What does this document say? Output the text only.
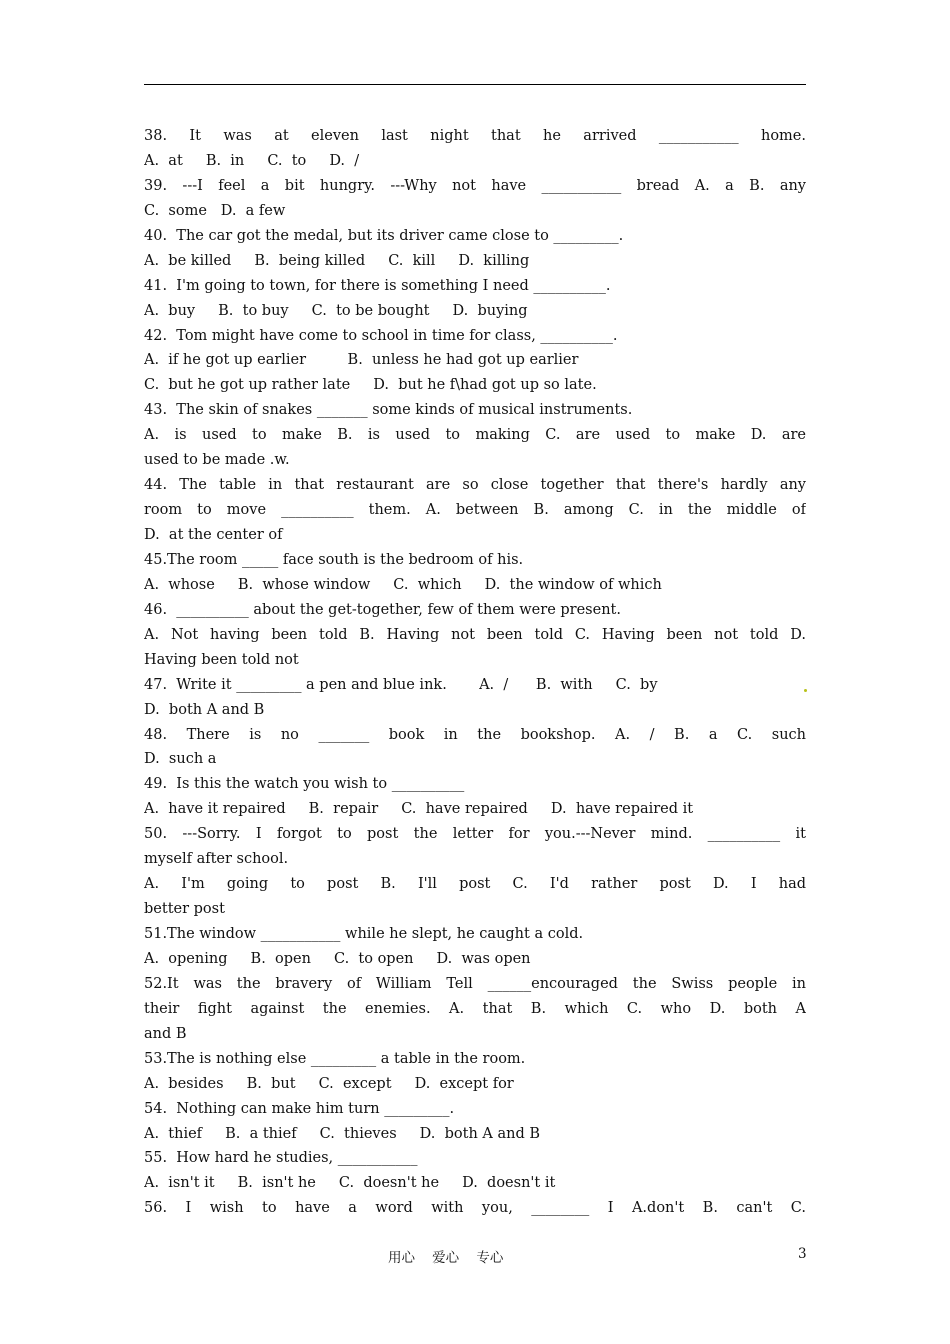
38. It was at eleven last night that he arrived ___________ home.
A.  at     B.  in     C.  to     D.  /
39. ---I feel a bit hungry. ---Why not have ___________ bread A. a B. any
C.  some   D.  a few
40.  The car got the medal, but its driver came close to _________.
A.  be killed     B.  being killed     C.  kill     D.  killing
41.  I'm going to town, for there is something I need __________.
A.  buy     B.  to buy     C.  to be bought     D.  buying
42.  Tom might have come to school in time for class, __________.
A.  if he got up earlier         B.  unless he had got up earlier
C.  but he got up rather late     D.  but he f\had got up so late.
43.  The skin of snakes _______ some kinds of musical instruments.
A. is used to make B. is used to making C. are used to make D. are
used to be made .w.
44. The table in that restaurant are so close together that there's hardly any
room to move __________ them. A. between B. among C. in the middle of
D.  at the center of
45.The room _____ face south is the bedroom of his.
A.  whose     B.  whose window     C.  which     D.  the window of which
46.  __________ about the get-together, few of them were present.
A. Not having been told B. Having not been told C. Having been not told D.
Having been told not
47.  Write it _________ a pen and blue ink.       A.  /      B.  with     C.  by
D.  both A and B
48. There is no _______ book in the bookshop. A. / B. a C. such
D.  such a
49.  Is this the watch you wish to __________
A.  have it repaired     B.  repair     C.  have repaired     D.  have repaired it
50. ---Sorry. I forgot to post the letter for you.---Never mind. __________ it
myself after school.
A. I'm going to post B. I'll post C. I'd rather post D. I had
better post
51.The window ___________ while he slept, he caught a cold.
A.  opening     B.  open     C.  to open     D.  was open
52.It was the bravery of William Tell ______encouraged the Swiss people in
their fight against the enemies. A. that B. which C. who D. both A
and B
53.The is nothing else _________ a table in the room.
A.  besides     B.  but     C.  except     D.  except for
54.  Nothing can make him turn _________.
A.  thief     B.  a thief     C.  thieves     D.  both A and B
55.  How hard he studies, ___________
A.  isn't it     B.  isn't he     C.  doesn't he     D.  doesn't it
56. I wish to have a word with you, ________ I A.don't B. can't C.
用心    爱心    专心	3
